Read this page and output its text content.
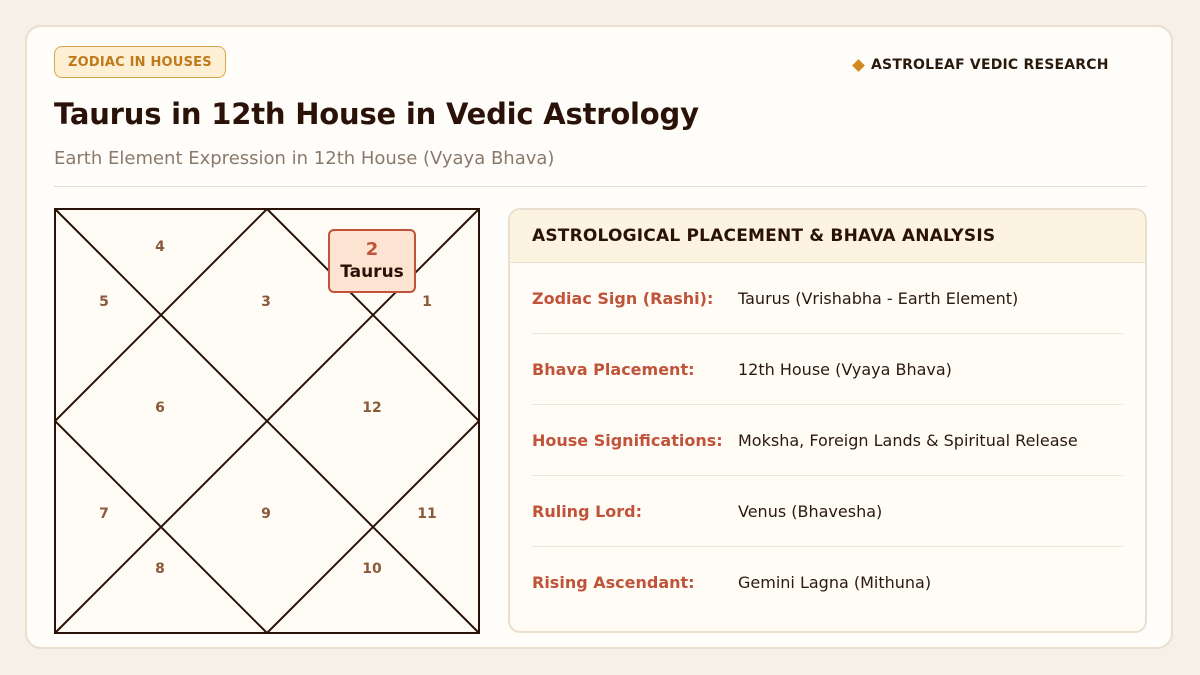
ZODIAC IN HOUSES	ASTROLEAF VEDIC RESEARCH
Taurus in 12th House in Vedic Astrology
Earth Element Expression in 12th House (Vyaya Bhava)
1
3
4
5
6
7
8
9
10
11
12
2
Taurus
ASTROLOGICAL PLACEMENT & BHAVA ANALYSIS
Zodiac Sign (Rashi):	Taurus (Vrishabha - Earth Element)
Bhava Placement:	12th House (Vyaya Bhava)
House Significations: Moksha, Foreign Lands & Spiritual Release
Ruling Lord:	Venus (Bhavesha)
Rising Ascendant:	Gemini Lagna (Mithuna)
